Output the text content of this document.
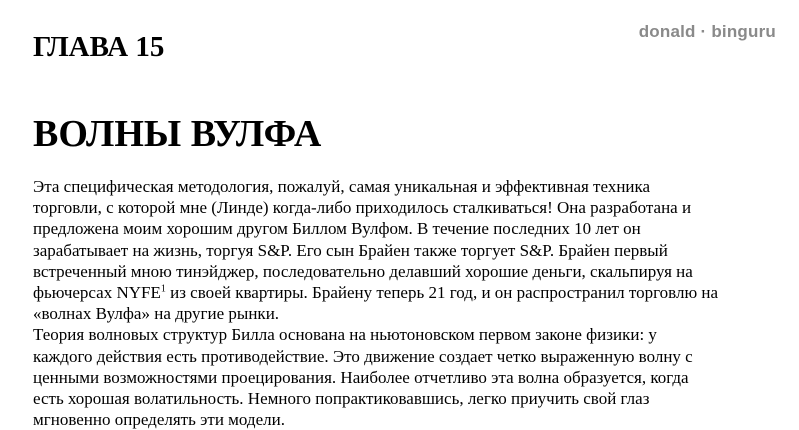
donald · binguru
ГЛАВА 15
ВОЛНЫ ВУЛФА
Эта специфическая методология, пожалуй, самая уникальная и эффективная техника
торговли, с которой мне (Линде) когда-либо приходилось сталкиваться! Она разработана и
предложена моим хорошим другом Биллом Вулфом. В течение последних 10 лет он
зарабатывает на жизнь, торгуя S&P. Его сын Брайен также торгует S&P. Брайен первый
встреченный мною тинэйджер, последовательно делавший хорошие деньги, скальпируя на
фьючерсах NYFE$^1$ из своей квартиры. Брайену теперь 21 год, и он распространил торговлю на
«волнах Вулфа» на другие рынки.
Теория волновых структур Билла основана на ньютоновском первом законе физики: у
каждого действия есть противодействие. Это движение создает четко выраженную волну с
ценными возможностями проецирования. Наиболее отчетливо эта волна образуется, когда
есть хорошая волатильность. Немного попрактиковавшись, легко приучить свой глаз
мгновенно определять эти модели.
